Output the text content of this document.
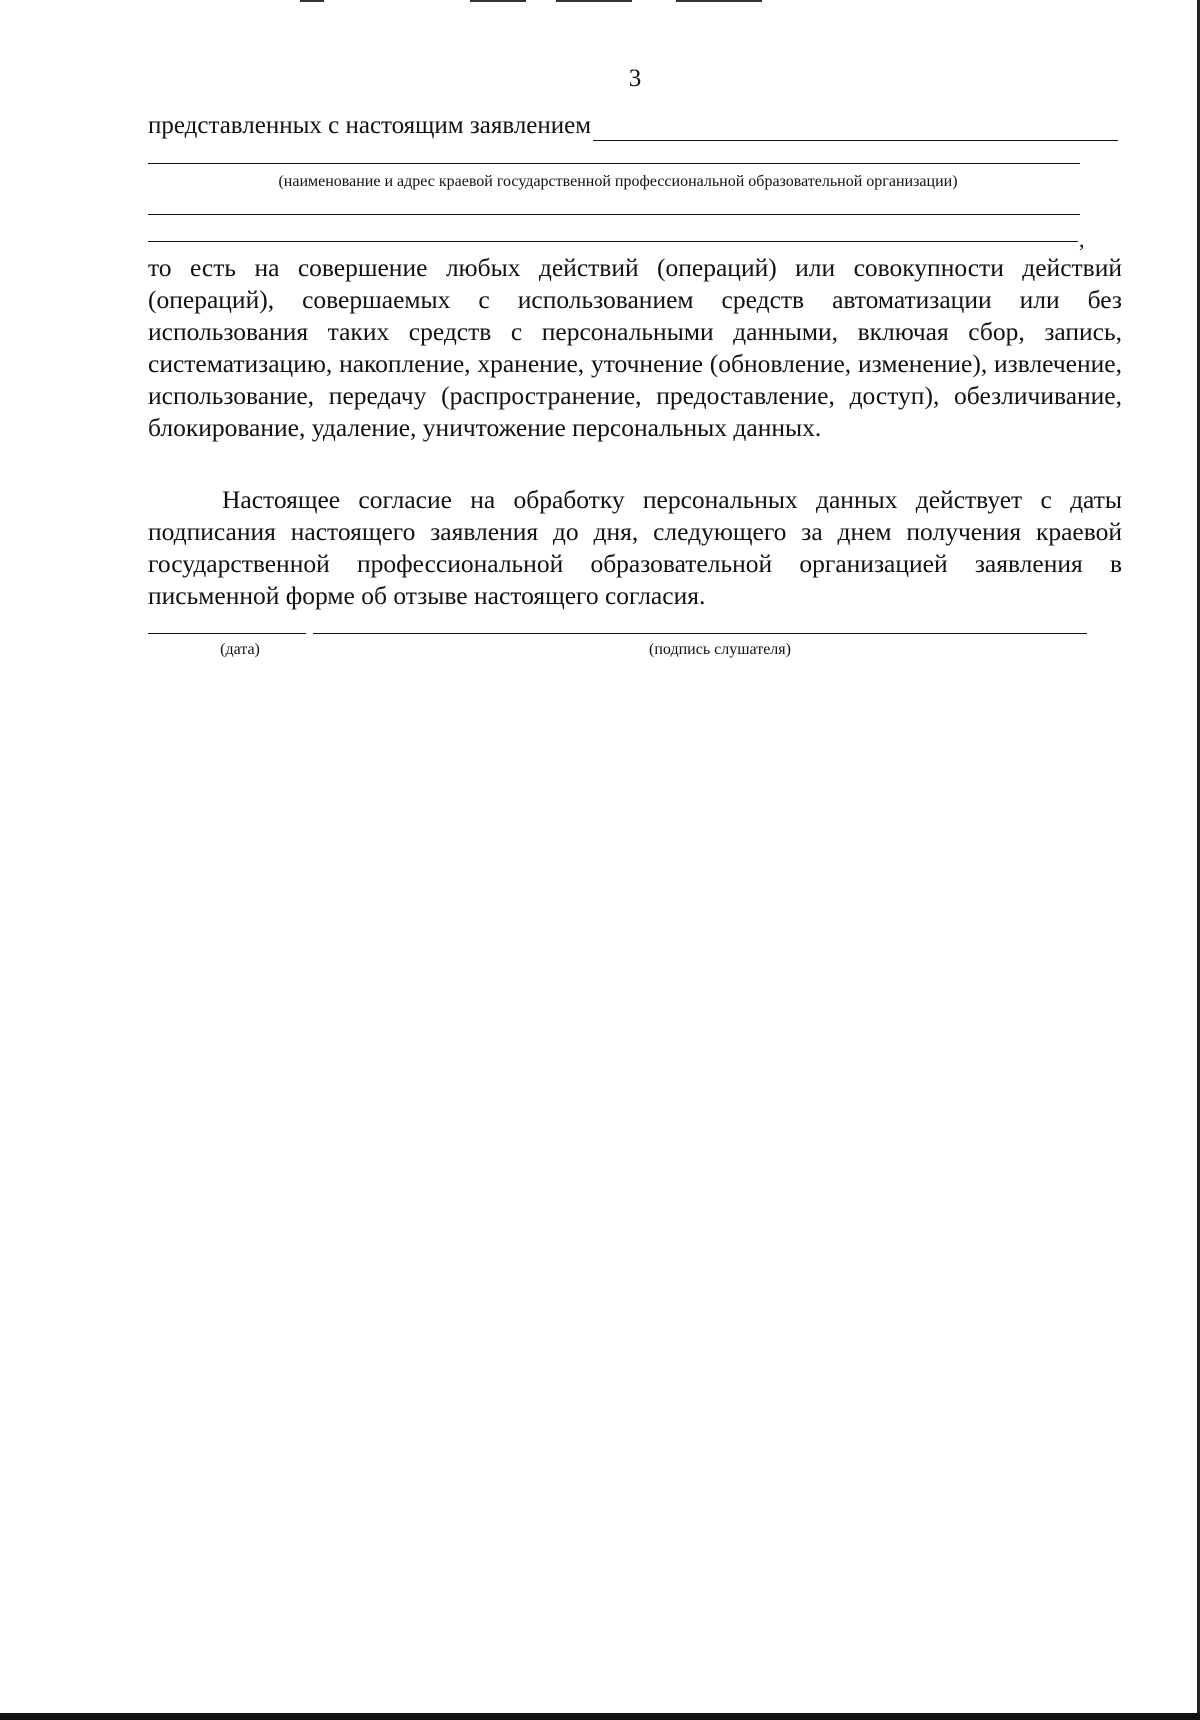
3
представленных с настоящим заявлением
(наименование и адрес краевой государственной профессиональной образовательной организации)
,
то есть на совершение любых действий (операций) или совокупности действий (операций), совершаемых с использованием средств автоматизации или без использования таких средств с персональными данными, включая сбор, запись, систематизацию, накопление, хранение, уточнение (обновление, изменение), извлечение, использование, передачу (распространение, предоставление, доступ), обезличивание, блокирование, удаление, уничтожение персональных данных.
Настоящее согласие на обработку персональных данных действует с даты подписания настоящего заявления до дня, следующего за днем получения краевой государственной профессиональной образовательной организацией заявления в письменной форме об отзыве настоящего согласия.
(дата)	(подпись слушателя)
